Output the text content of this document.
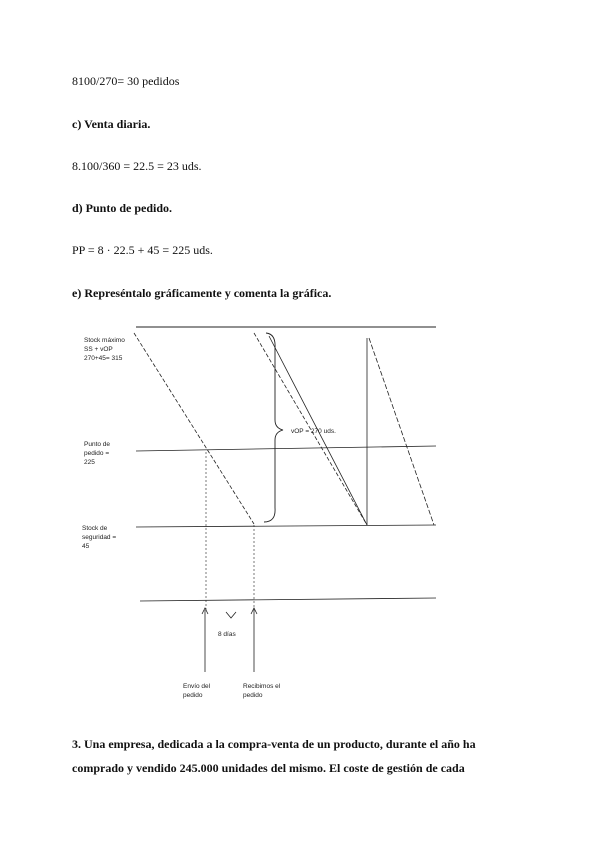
8100/270= 30 pedidos
c) Venta diaria.
8.100/360 = 22.5 = 23 uds.
d) Punto de pedido.
PP = 8 · 22.5 + 45 = 225 uds.
e) Represéntalo gráficamente y comenta la gráfica.
Stock máximo SS + vOP 270+45= 315
Punto de pedido = 225
Stock de seguridad = 45
vOP = 270 uds.
8 días
Envío del pedido
Recibimos el pedido
3. Una empresa, dedicada a la compra-venta de un producto, durante el año ha
comprado y vendido 245.000 unidades del mismo. El coste de gestión de cada
